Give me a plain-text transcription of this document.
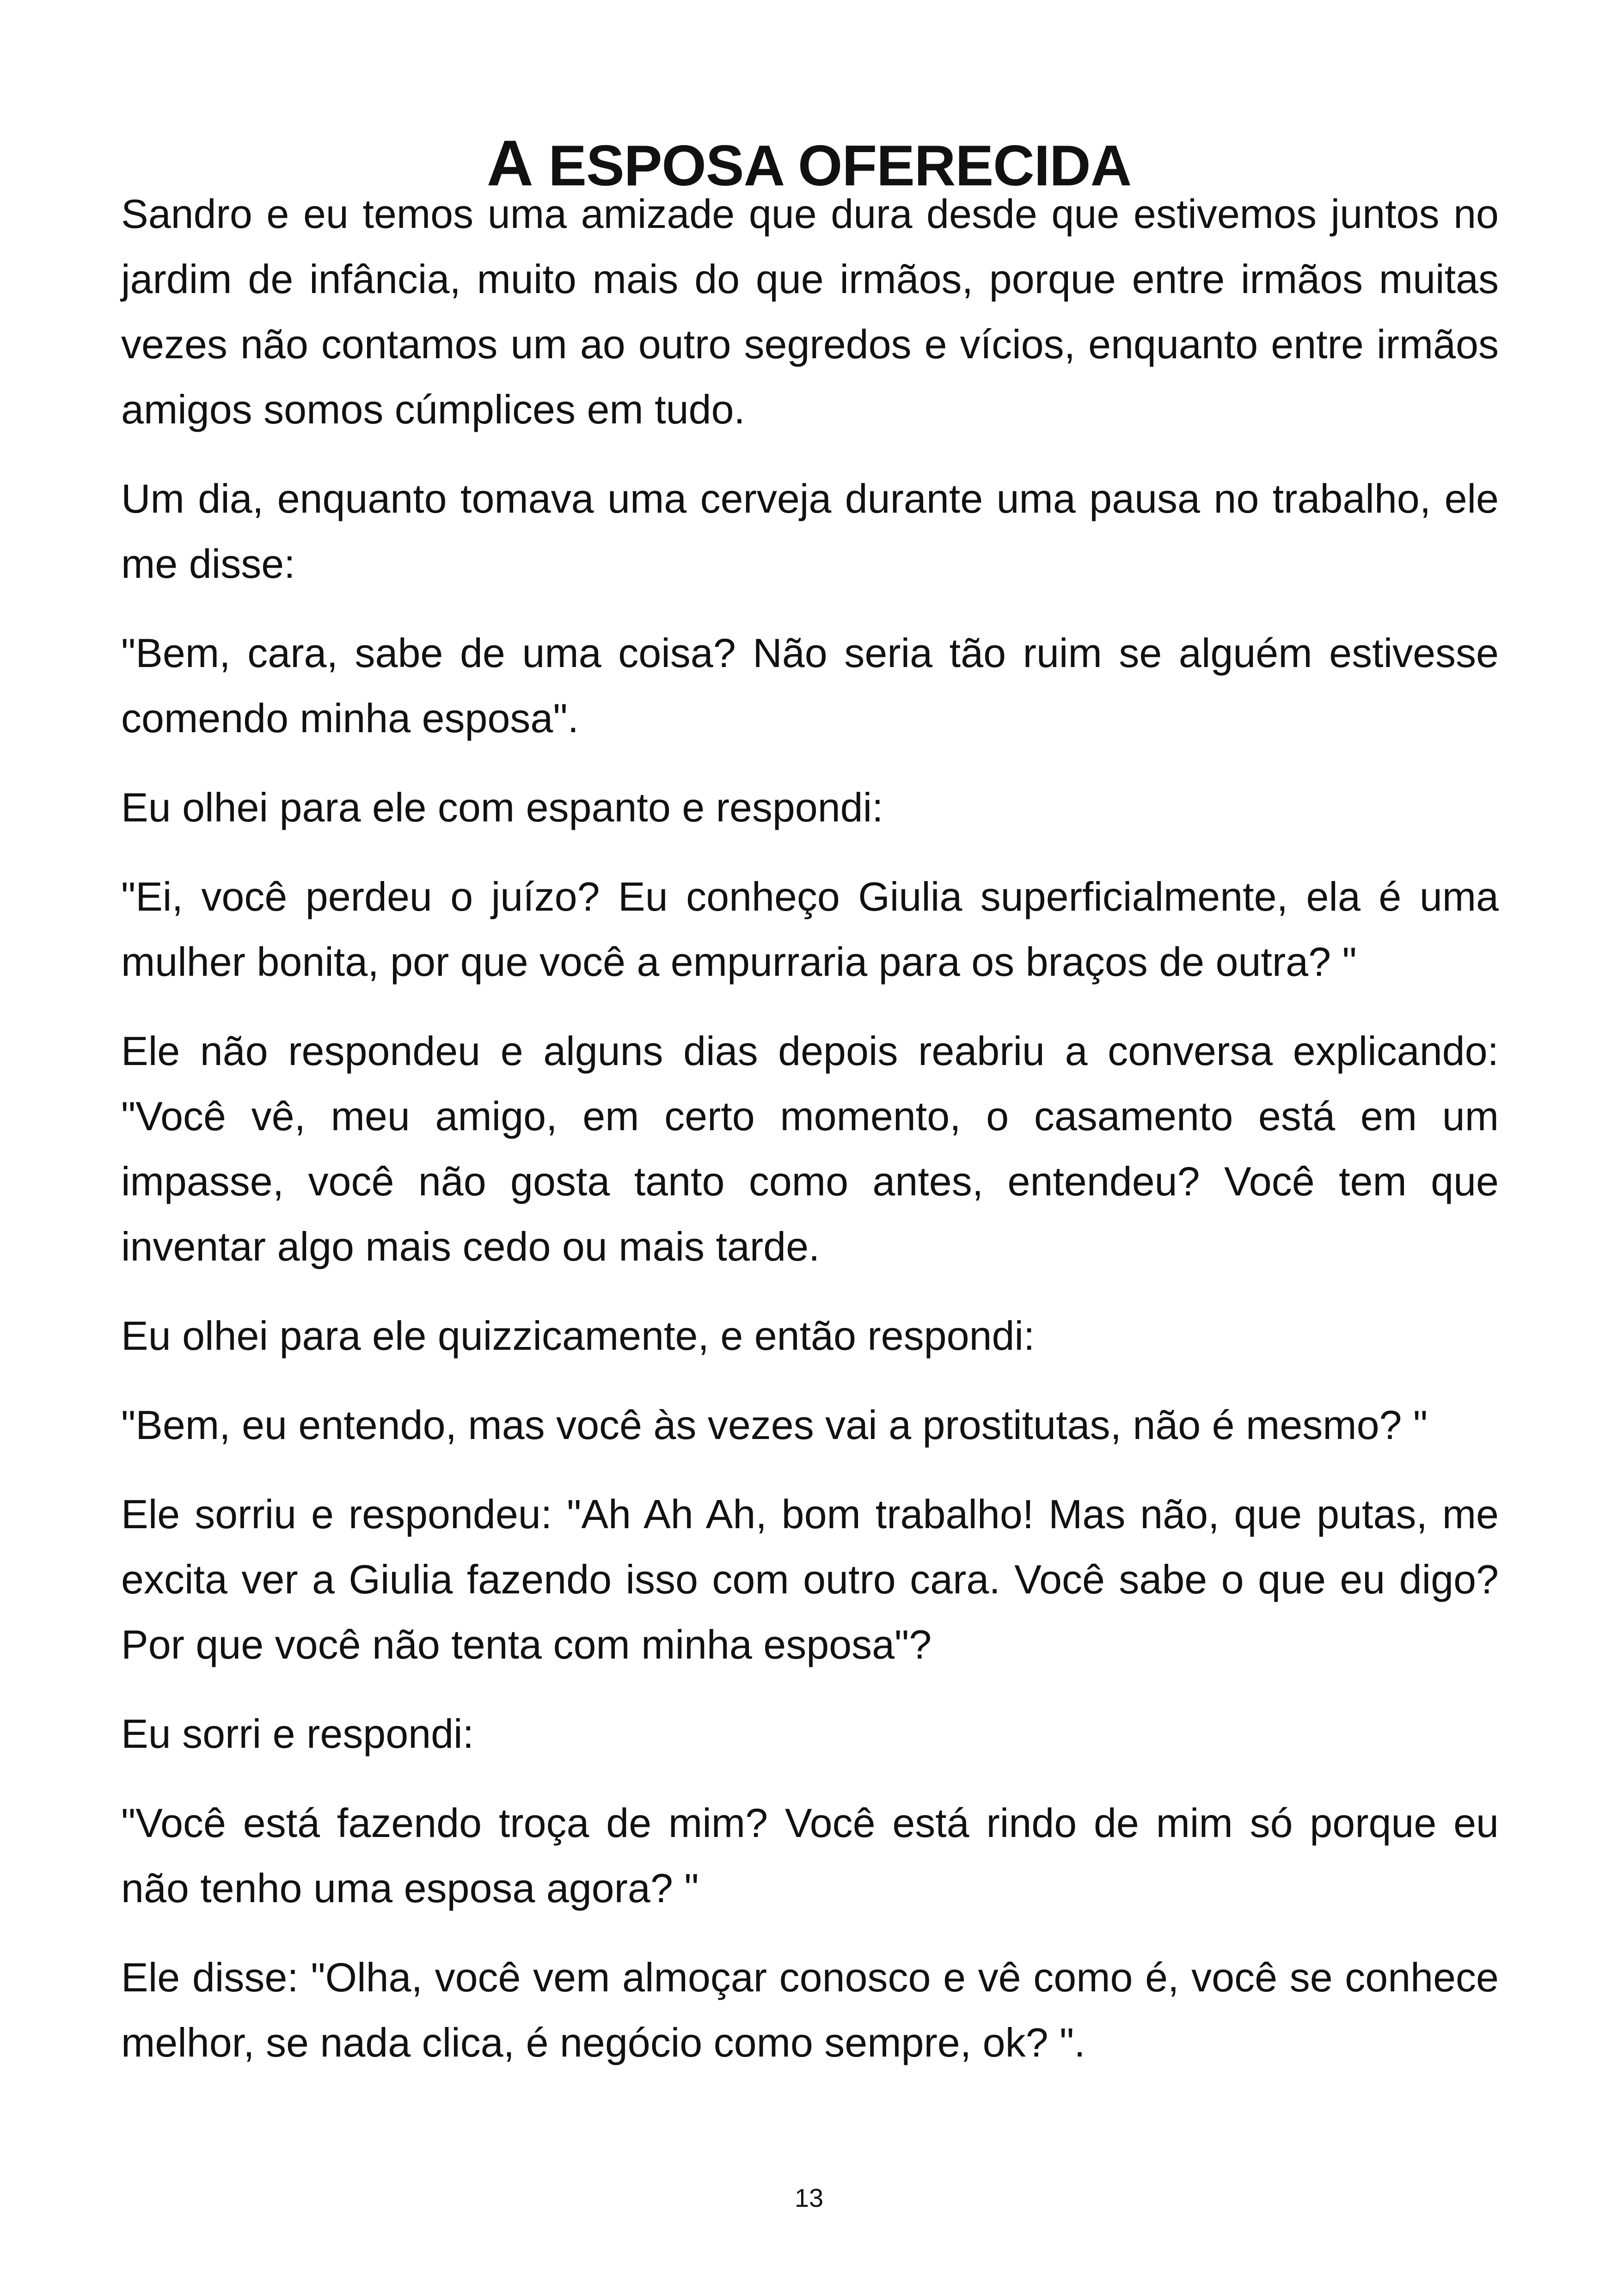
A ESPOSA OFERECIDA

Sandro e eu temos uma amizade que dura desde que estivemos juntos no jardim de infância, muito mais do que irmãos, porque entre irmãos muitas vezes não contamos um ao outro segredos e vícios, enquanto entre irmãos amigos somos cúmplices em tudo.

Um dia, enquanto tomava uma cerveja durante uma pausa no trabalho, ele me disse:

"Bem, cara, sabe de uma coisa? Não seria tão ruim se alguém estivesse comendo minha esposa".

Eu olhei para ele com espanto e respondi:

"Ei, você perdeu o juízo? Eu conheço Giulia superficialmente, ela é uma mulher bonita, por que você a empurraria para os braços de outra? "

Ele não respondeu e alguns dias depois reabriu a conversa explicando: "Você vê, meu amigo, em certo momento, o casamento está em um impasse, você não gosta tanto como antes, entendeu? Você tem que inventar algo mais cedo ou mais tarde.

Eu olhei para ele quizzicamente, e então respondi:

"Bem, eu entendo, mas você às vezes vai a prostitutas, não é mesmo? "

Ele sorriu e respondeu: "Ah Ah Ah, bom trabalho! Mas não, que putas, me excita ver a Giulia fazendo isso com outro cara. Você sabe o que eu digo? Por que você não tenta com minha esposa"?

Eu sorri e respondi:

"Você está fazendo troça de mim? Você está rindo de mim só porque eu não tenho uma esposa agora? "

Ele disse: "Olha, você vem almoçar conosco e vê como é, você se conhece melhor, se nada clica, é negócio como sempre, ok? ".

13
